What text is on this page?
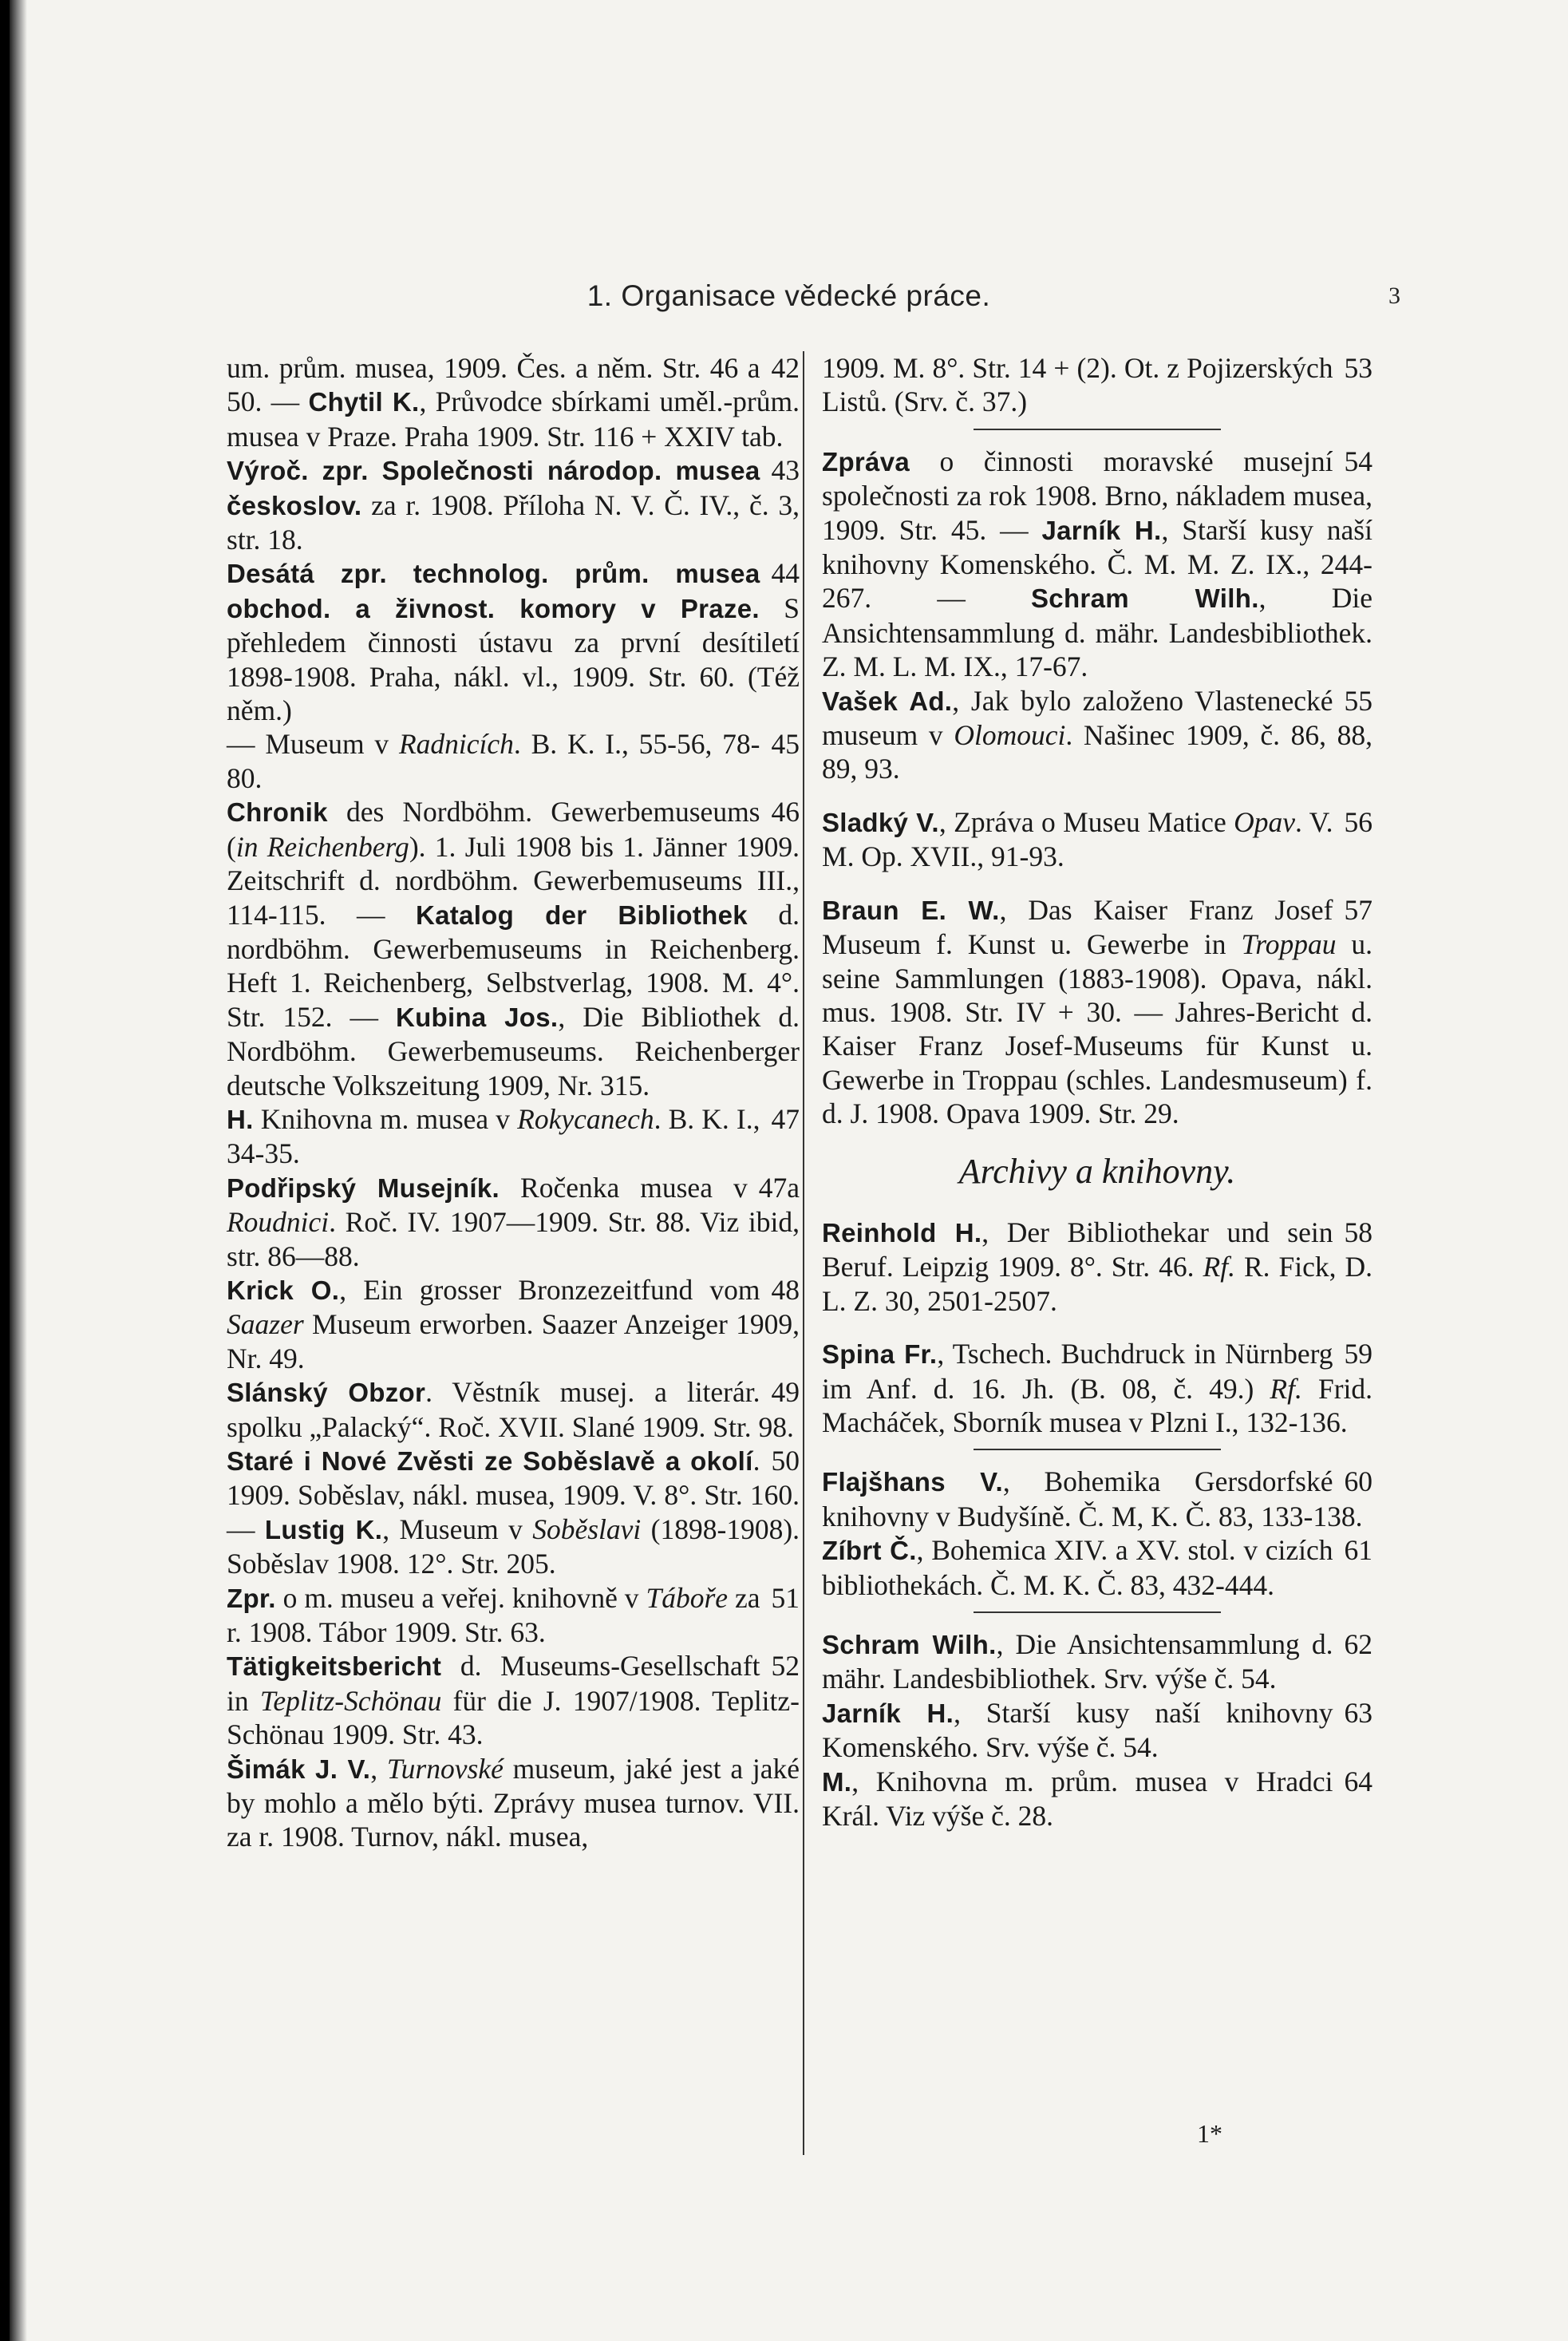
1. Organisace vědecké práce.	3

42
um. prům. musea, 1909. Čes. a něm. Str. 46 a 50. — Chytil K., Průvodce sbírkami uměl.-prům. musea v Praze. Praha 1909. Str. 116 + XXIV tab.

43
Výroč. zpr. Společnosti národop. musea českoslov. za r. 1908. Příloha N. V. Č. IV., č. 3, str. 18.

44
Desátá zpr. technolog. prům. musea obchod. a živnost. komory v Praze. S přehledem činnosti ústavu za první desítiletí 1898-1908. Praha, nákl. vl., 1909. Str. 60. (Též něm.)

45
— Museum v Radnicích. B. K. I., 55-56, 78-80.

46
Chronik des Nordböhm. Gewerbemuseums (in Reichenberg). 1. Juli 1908 bis 1. Jänner 1909. Zeitschrift d. nordböhm. Gewerbemuseums III., 114-115. — Katalog der Bibliothek d. nordböhm. Gewerbemuseums in Reichenberg. Heft 1. Reichenberg, Selbstverlag, 1908. M. 4°. Str. 152. — Kubina Jos., Die Bibliothek d. Nordböhm. Gewerbemuseums. Reichenberger deutsche Volkszeitung 1909, Nr. 315.

47
H. Knihovna m. musea v Rokycanech. B. K. I., 34-35.

47a
Podřipský Musejník. Ročenka musea v Roudnici. Roč. IV. 1907—1909. Str. 88. Viz ibid, str. 86—88.

48
Krick O., Ein grosser Bronzezeitfund vom Saazer Museum erworben. Saazer Anzeiger 1909, Nr. 49.

49
Slánský Obzor. Věstník musej. a literár. spolku „Palacký“. Roč. XVII. Slané 1909. Str. 98.

50
Staré i Nové Zvěsti ze Soběslavě a okolí. 1909. Soběslav, nákl. musea, 1909. V. 8°. Str. 160. — Lustig K., Museum v Soběslavi (1898-1908). Soběslav 1908. 12°. Str. 205.

51
Zpr. o m. museu a veřej. knihovně v Táboře za r. 1908. Tábor 1909. Str. 63.

52
Tätigkeitsbericht d. Museums-Gesellschaft in Teplitz-Schönau für die J. 1907/1908. Teplitz-Schönau 1909. Str. 43.

Šimák J. V., Turnovské museum, jaké jest a jaké by mohlo a mělo býti. Zprávy musea turnov. VII. za r. 1908. Turnov, nákl. musea,

53
1909. M. 8°. Str. 14 + (2). Ot. z Pojizerských Listů. (Srv. č. 37.)

54
Zpráva o činnosti moravské musejní společnosti za rok 1908. Brno, nákladem musea, 1909. Str. 45. — Jarník H., Starší kusy naší knihovny Komenského. Č. M. M. Z. IX., 244-267. — Schram Wilh., Die Ansichtensammlung d. mähr. Landesbibliothek. Z. M. L. M. IX., 17-67.

55
Vašek Ad., Jak bylo založeno Vlastenecké museum v Olomouci. Našinec 1909, č. 86, 88, 89, 93.

56
Sladký V., Zpráva o Museu Matice Opav. V. M. Op. XVII., 91-93.

57
Braun E. W., Das Kaiser Franz Josef Museum f. Kunst u. Gewerbe in Troppau u. seine Sammlungen (1883-1908). Opava, nákl. mus. 1908. Str. IV + 30. — Jahres-Bericht d. Kaiser Franz Josef-Museums für Kunst u. Gewerbe in Troppau (schles. Landesmuseum) f. d. J. 1908. Opava 1909. Str. 29.

Archivy a knihovny.

58
Reinhold H., Der Bibliothekar und sein Beruf. Leipzig 1909. 8°. Str. 46. Rf. R. Fick, D. L. Z. 30, 2501-2507.

59
Spina Fr., Tschech. Buchdruck in Nürnberg im Anf. d. 16. Jh. (B. 08, č. 49.) Rf. Frid. Macháček, Sborník musea v Plzni I., 132-136.

60
Flajšhans V., Bohemika Gersdorfské knihovny v Budyšíně. Č. M, K. Č. 83, 133-138.

61
Zíbrt Č., Bohemica XIV. a XV. stol. v cizích bibliothekách. Č. M. K. Č. 83, 432-444.

62
Schram Wilh., Die Ansichtensammlung d. mähr. Landesbibliothek. Srv. výše č. 54.

63
Jarník H., Starší kusy naší knihovny Komenského. Srv. výše č. 54.

64
M., Knihovna m. prům. musea v Hradci Král. Viz výše č. 28.

1*
